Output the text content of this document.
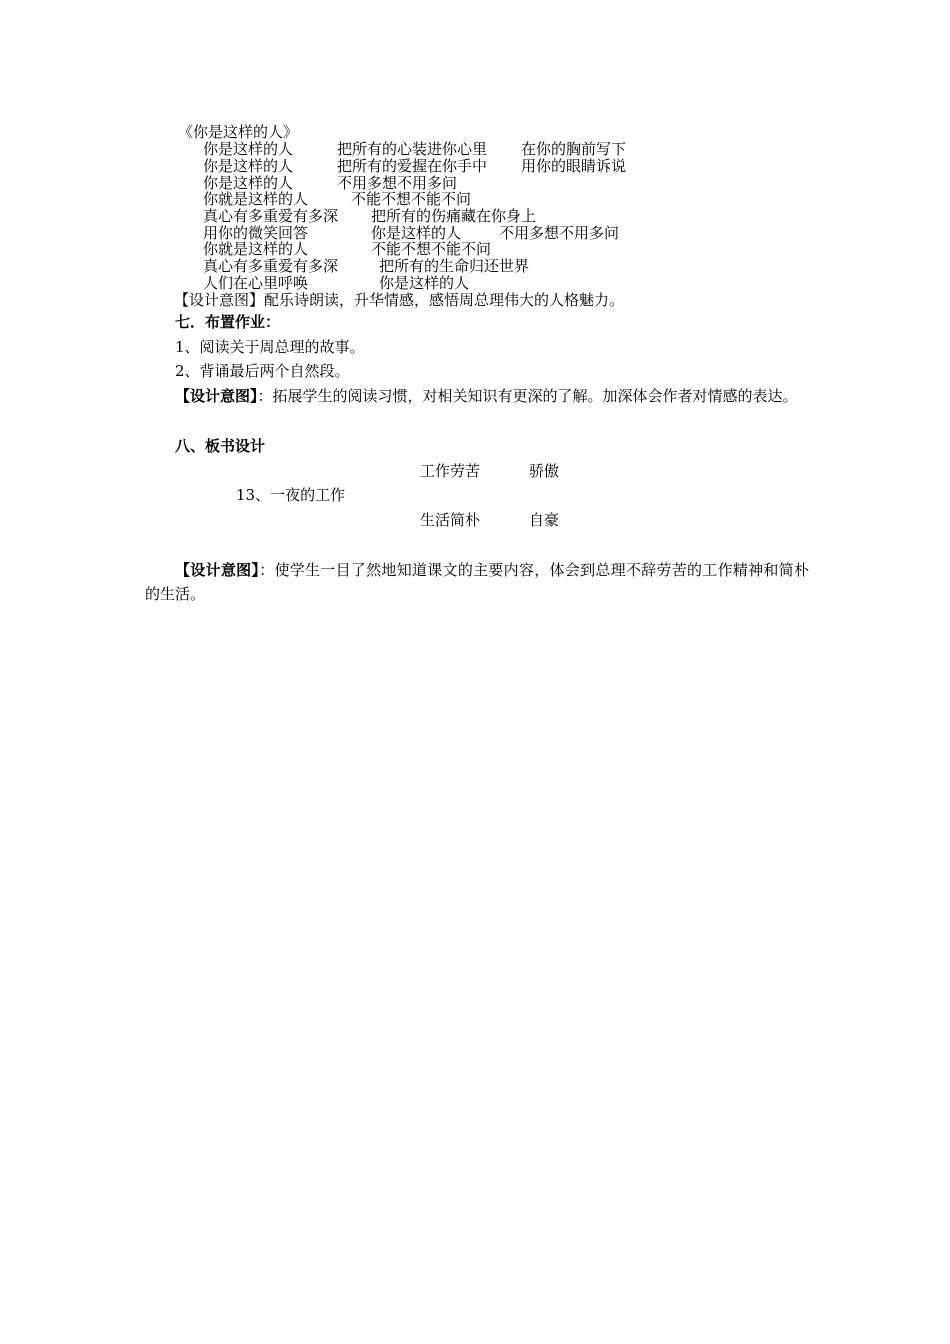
《你是这样的人》
你是这样的人	把所有的心装进你心里 在你的胸前写下
你是这样的人	把所有的爱握在你手中 用你的眼睛诉说
你是这样的人	不用多想不用多问
你就是这样的人	不能不想不能不问
真心有多重爱有多深 把所有的伤痛藏在你身上
用你的微笑回答	你是这样的人	不用多想不用多问
你就是这样的人	不能不想不能不问
真心有多重爱有多深	把所有的生命归还世界
人们在心里呼唤	你是这样的人
【设计意图】配乐诗朗读，升华情感，感悟周总理伟大的人格魅力。
七．布置作业：
1、阅读关于周总理的故事。
2、背诵最后两个自然段。
【设计意图】：拓展学生的阅读习惯，对相关知识有更深的了解。加深体会作者对情感的表达。
八、板书设计
工作劳苦	骄傲
13、一夜的工作
生活简朴	自豪
【设计意图】：使学生一目了然地知道课文的主要内容，体会到总理不辞劳苦的工作精神和简朴的生活。
